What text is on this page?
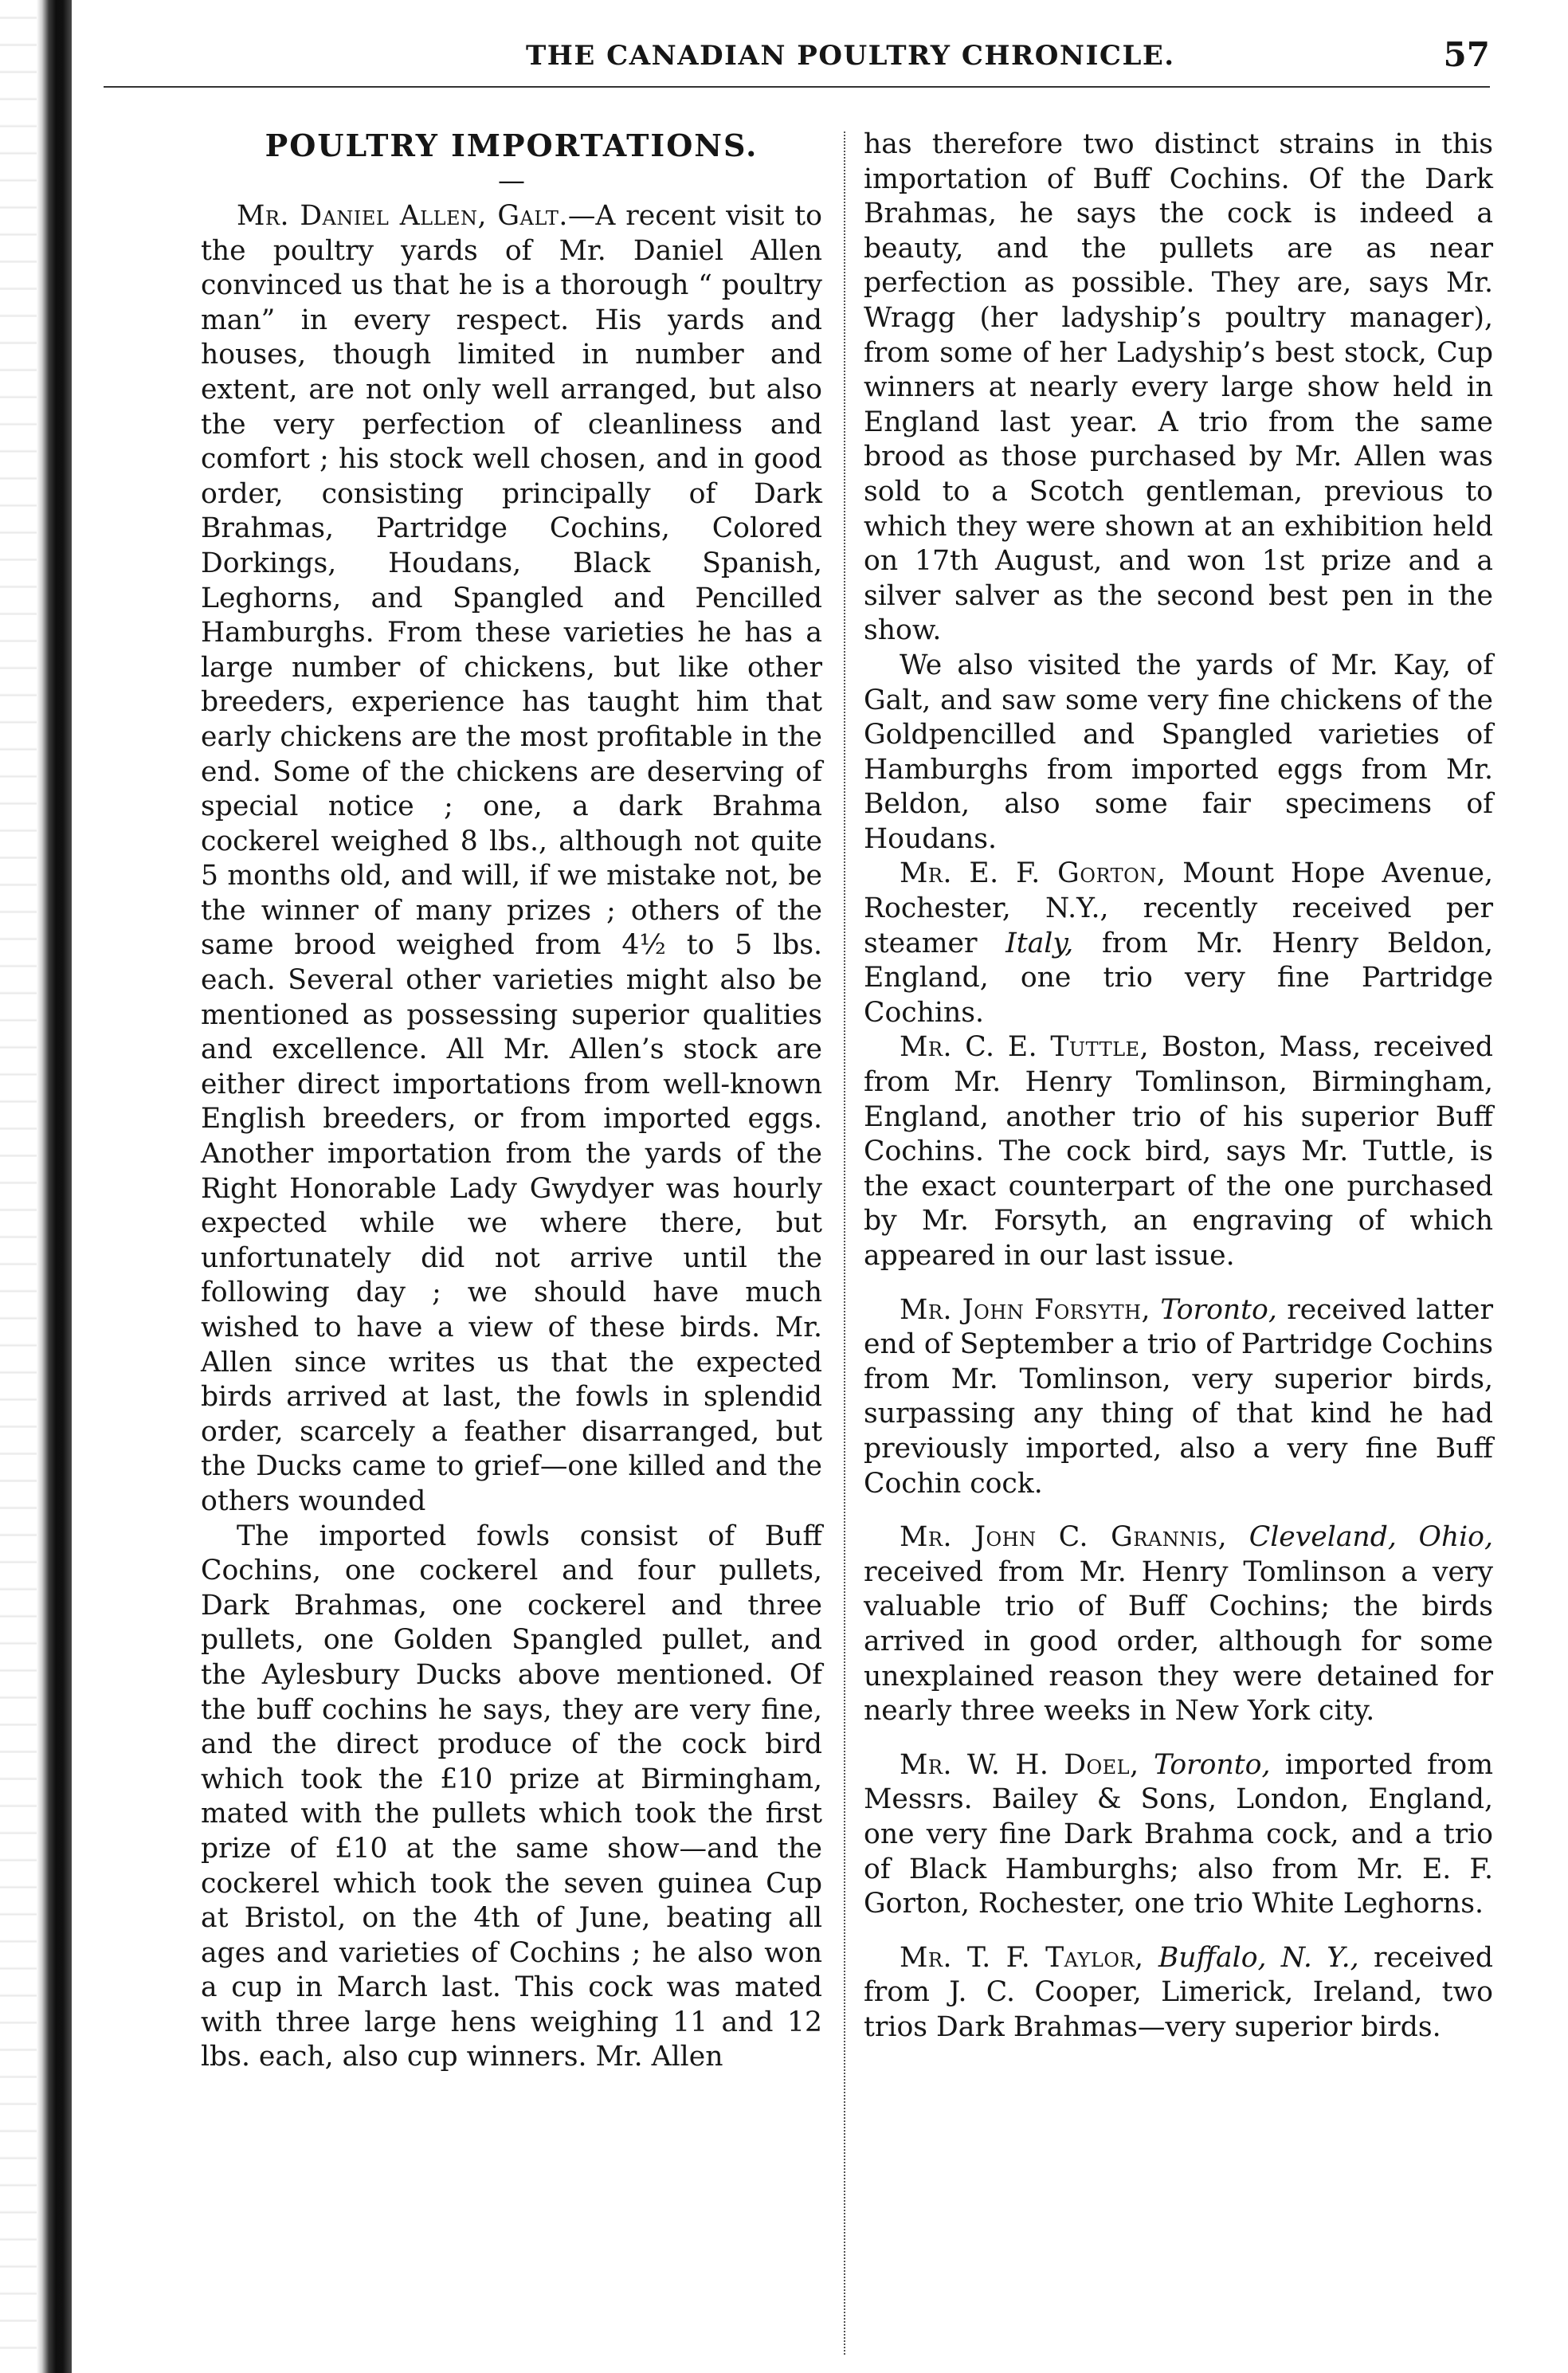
THE CANADIAN POULTRY CHRONICLE.	57
POULTRY IMPORTATIONS.
—

Mr. Daniel Allen, Galt.—A recent visit to the poultry yards of Mr. Daniel Allen convinced us that he is a thorough “ poultry man” in every respect. His yards and houses, though limited in number and extent, are not only well arranged, but also the very perfection of cleanliness and comfort ; his stock well chosen, and in good order, consisting principally of Dark Brahmas, Partridge Cochins, Colored Dorkings, Houdans, Black Spanish, Leghorns, and Spangled and Pencilled Hamburghs. From these varieties he has a large number of chickens, but like other breeders, experience has taught him that early chickens are the most profitable in the end. Some of the chickens are deserving of special notice ; one, a dark Brahma cockerel weighed 8 lbs., although not quite 5 months old, and will, if we mistake not, be the winner of many prizes ; others of the same brood weighed from 4½ to 5 lbs. each. Several other varieties might also be mentioned as possessing superior qualities and excellence. All Mr. Allen’s stock are either direct importations from well-known English breeders, or from imported eggs. Another importation from the yards of the Right Honorable Lady Gwydyer was hourly expected while we where there, but unfortunately did not arrive until the following day ; we should have much wished to have a view of these birds. Mr. Allen since writes us that the expected birds arrived at last, the fowls in splendid order, scarcely a feather disarranged, but the Ducks came to grief—one killed and the others wounded

The imported fowls consist of Buff Cochins, one cockerel and four pullets, Dark Brahmas, one cockerel and three pullets, one Golden Spangled pullet, and the Aylesbury Ducks above mentioned. Of the buff cochins he says, they are very fine, and the direct produce of the cock bird which took the £10 prize at Birmingham, mated with the pullets which took the first prize of £10 at the same show—and the cockerel which took the seven guinea Cup at Bristol, on the 4th of June, beating all ages and varieties of Cochins ; he also won a cup in March last. This cock was mated with three large hens weighing 11 and 12 lbs. each, also cup winners. Mr. Allen

has therefore two distinct strains in this importation of Buff Cochins. Of the Dark Brahmas, he says the cock is indeed a beauty, and the pullets are as near perfection as possible. They are, says Mr. Wragg (her ladyship’s poultry manager), from some of her Ladyship’s best stock, Cup winners at nearly every large show held in England last year. A trio from the same brood as those purchased by Mr. Allen was sold to a Scotch gentleman, previous to which they were shown at an exhibition held on 17th August, and won 1st prize and a silver salver as the second best pen in the show.

We also visited the yards of Mr. Kay, of Galt, and saw some very fine chickens of the Goldpencilled and Spangled varieties of Hamburghs from imported eggs from Mr. Beldon, also some fair specimens of Houdans.

Mr. E. F. Gorton, Mount Hope Avenue, Rochester, N.Y., recently received per steamer Italy, from Mr. Henry Beldon, England, one trio very fine Partridge Cochins.

Mr. C. E. Tuttle, Boston, Mass, received from Mr. Henry Tomlinson, Birmingham, England, another trio of his superior Buff Cochins. The cock bird, says Mr. Tuttle, is the exact counterpart of the one purchased by Mr. Forsyth, an engraving of which appeared in our last issue.

Mr. John Forsyth, Toronto, received latter end of September a trio of Partridge Cochins from Mr. Tomlinson, very superior birds, surpassing any thing of that kind he had previously imported, also a very fine Buff Cochin cock.

Mr. John C. Grannis, Cleveland, Ohio, received from Mr. Henry Tomlinson a very valuable trio of Buff Cochins; the birds arrived in good order, although for some unexplained reason they were detained for nearly three weeks in New York city.

Mr. W. H. Doel, Toronto, imported from Messrs. Bailey & Sons, London, England, one very fine Dark Brahma cock, and a trio of Black Hamburghs; also from Mr. E. F. Gorton, Rochester, one trio White Leghorns.

Mr. T. F. Taylor, Buffalo, N. Y., received from J. C. Cooper, Limerick, Ireland, two trios Dark Brahmas—very superior birds.
